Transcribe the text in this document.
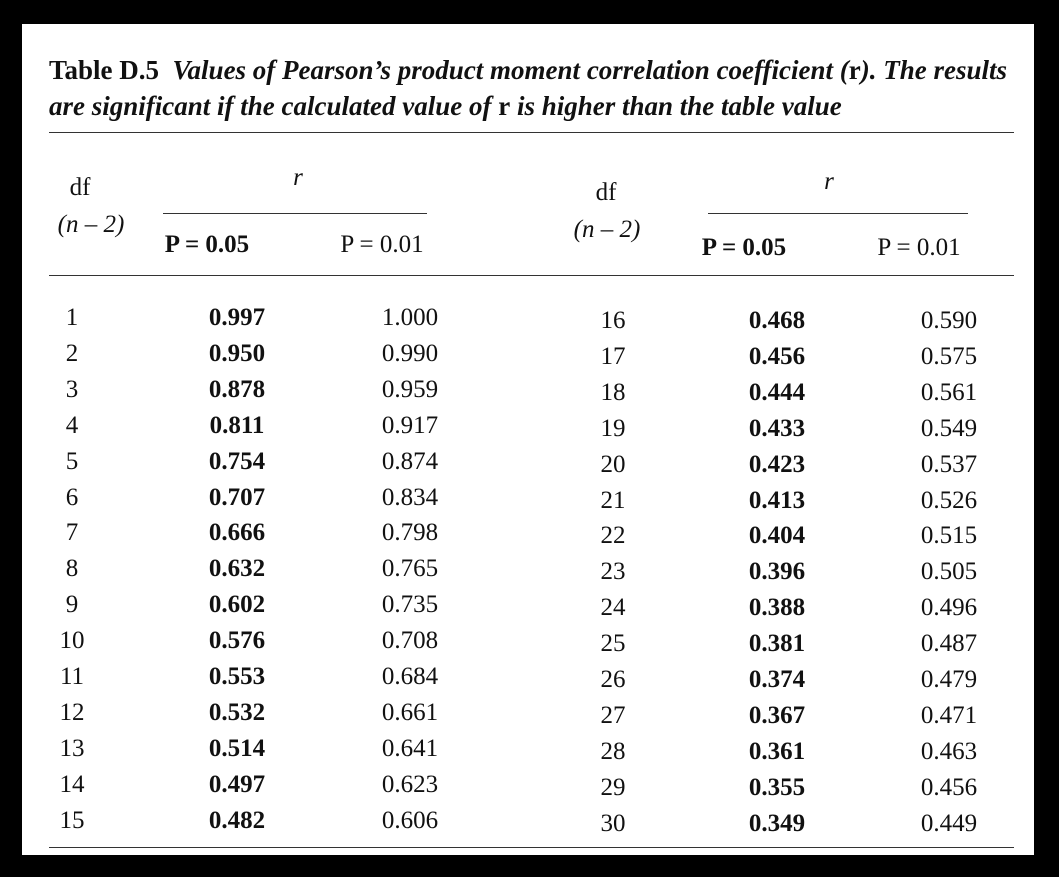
Table D.5 Values of Pearson’s product moment correlation coefficient (r). The results are significant if the calculated value of r is higher than the table value
df
(n – 2)
r
P = 0.05	P = 0.01
df
(n – 2)
r
P = 0.05	P = 0.01
1	0.997	1.000
2	0.950	0.990
3	0.878	0.959
4	0.811	0.917
5	0.754	0.874
6	0.707	0.834
7	0.666	0.798
8	0.632	0.765
9	0.602	0.735
10	0.576	0.708
11	0.553	0.684
12	0.532	0.661
13	0.514	0.641
14	0.497	0.623
15	0.482	0.606
16	0.468	0.590
17	0.456	0.575
18	0.444	0.561
19	0.433	0.549
20	0.423	0.537
21	0.413	0.526
22	0.404	0.515
23	0.396	0.505
24	0.388	0.496
25	0.381	0.487
26	0.374	0.479
27	0.367	0.471
28	0.361	0.463
29	0.355	0.456
30	0.349	0.449
